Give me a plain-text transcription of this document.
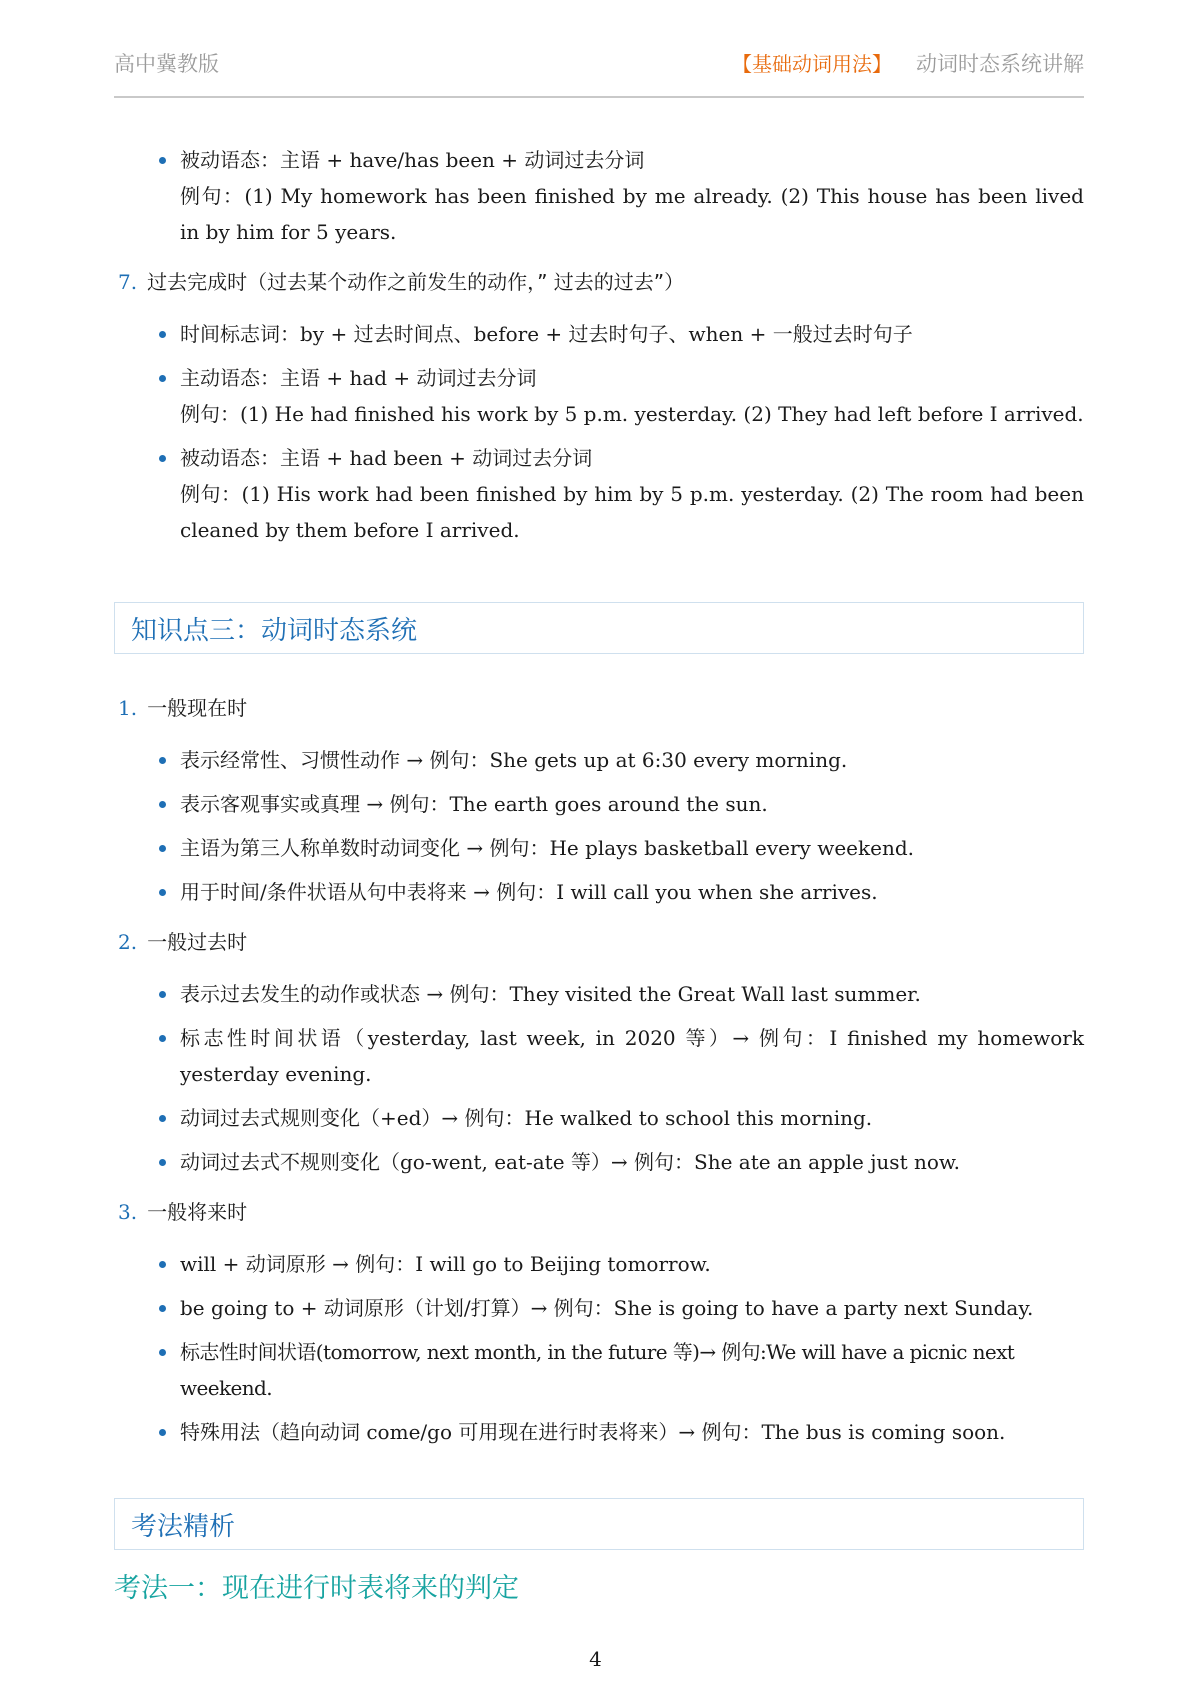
高中冀教版	【基础动词用法】 动词时态系统讲解
被动语态：主语 + have/has been + 动词过去分词
例句：(1) My homework has been finished by me already. (2) This house has been lived in by him for 5 years.
7. 过去完成时（过去某个动作之前发生的动作，” 过去的过去”）
时间标志词：by + 过去时间点、before + 过去时句子、when + 一般过去时句子
主动语态：主语 + had + 动词过去分词
例句：(1) He had finished his work by 5 p.m. yesterday. (2) They had left before I arrived.
被动语态：主语 + had been + 动词过去分词
例句：(1) His work had been finished by him by 5 p.m. yesterday. (2) The room had been cleaned by them before I arrived.
知识点三：动词时态系统
1. 一般现在时
表示经常性、习惯性动作 → 例句：She gets up at 6:30 every morning.
表示客观事实或真理 → 例句：The earth goes around the sun.
主语为第三人称单数时动词变化 → 例句：He plays basketball every weekend.
用于时间/条件状语从句中表将来 → 例句：I will call you when she arrives.
2. 一般过去时
表示过去发生的动作或状态 → 例句：They visited the Great Wall last summer.
标志性时间状语（yesterday, last week, in 2020 等）→ 例句：I finished my homework yesterday evening.
动词过去式规则变化（+ed）→ 例句：He walked to school this morning.
动词过去式不规则变化（go-went, eat-ate 等）→ 例句：She ate an apple just now.
3. 一般将来时
will + 动词原形 → 例句：I will go to Beijing tomorrow.
be going to + 动词原形（计划/打算）→ 例句：She is going to have a party next Sunday.
标志性时间状语(tomorrow, next month, in the future 等)→ 例句:We will have a picnic next weekend.
特殊用法（趋向动词 come/go 可用现在进行时表将来）→ 例句：The bus is coming soon.
考法精析
考法一：现在进行时表将来的判定
4
